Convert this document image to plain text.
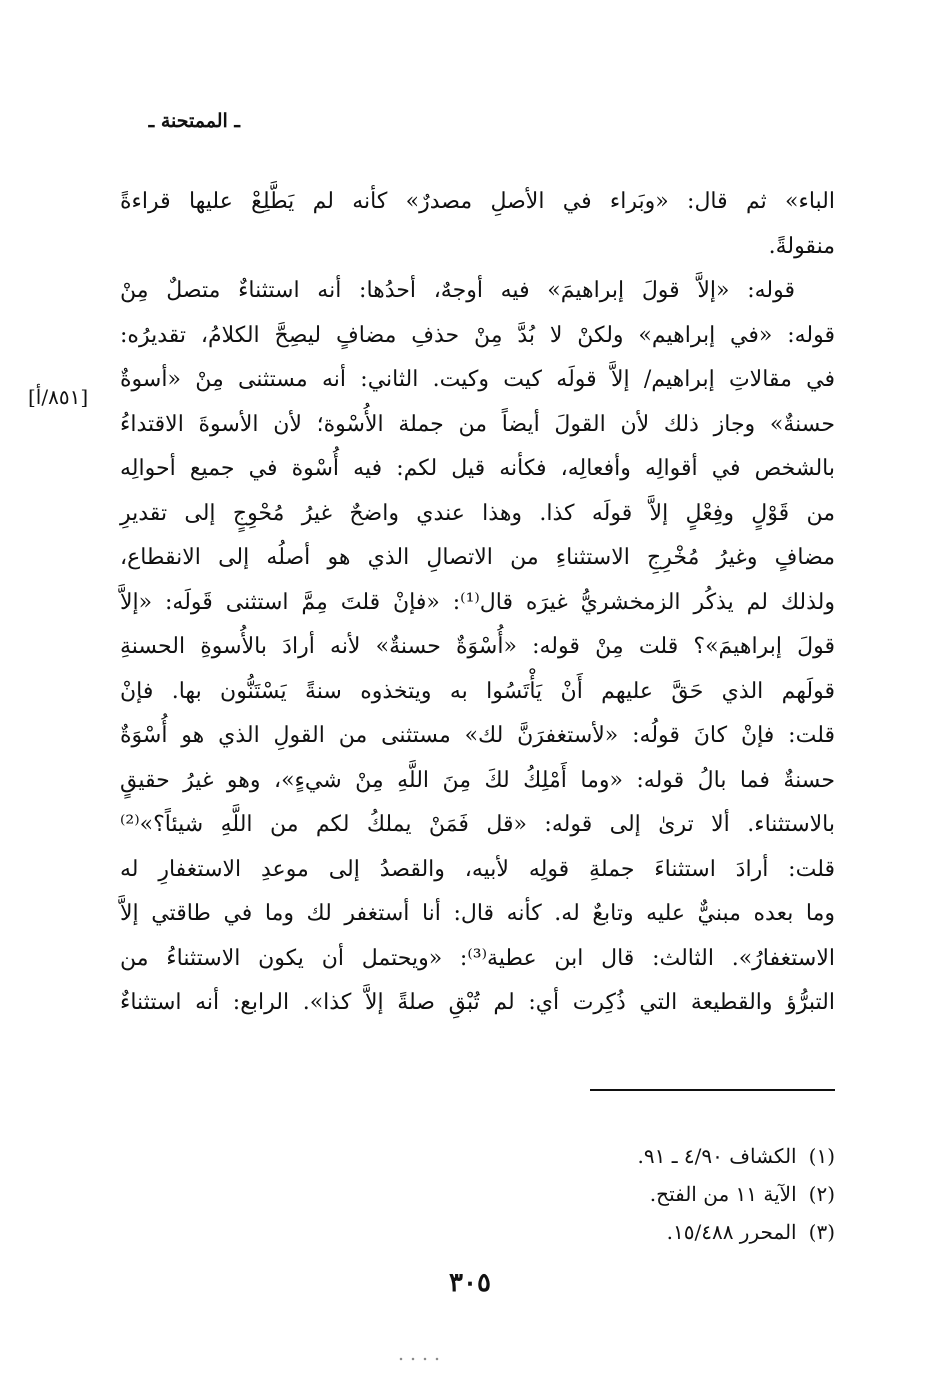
ـ الممتحنة ـ
[٨٥١/أ]
الباء» ثم قال: «وبَراء في الأصلِ مصدرٌ» كأنه لم يَطَّلِعْ عليها قراءةً
منقولةً.
قوله: «إلاَّ قولَ إبراهيمَ» فيه أوجهٌ، أحدُها: أنه استثناءٌ متصلٌ مِنْ
قوله: «في إبراهيم» ولكنْ لا بُدَّ مِنْ حذفِ مضافٍ ليصِحَّ الكلامُ، تقديرُه:
في مقالاتِ إبراهيم/ إلاَّ قولَه كيت وكيت. الثاني: أنه مستثنى مِنْ «أسوةٌ
حسنةٌ» وجاز ذلك لأن القولَ أيضاً من جملة الأُسْوة؛ لأن الأسوةَ الاقتداءُ
بالشخص في أقوالِه وأفعالِه، فكأنه قيل لكم: فيه أُسْوة في جميع أحوالِه
من قَوْلٍ وفِعْلٍ إلاَّ قولَه كذا. وهذا عندي واضحٌ غيرُ مُحْوِجٍ إلى تقديرِ
مضافٍ وغيرُ مُخْرِجِ الاستثناءِ من الاتصالِ الذي هو أصلُه إلى الانقطاع،
ولذلك لم يذكُر الزمخشريُّ غيرَه قال⁽¹⁾: «فإنْ قلتَ مِمَّ استثنى قَولَه: «إلاَّ
قولَ إبراهيمَ»؟ قلت مِنْ قوله: «أُسْوَةٌ حسنةٌ» لأنه أرادَ بالأُسوةِ الحسنةِ
قولَهم الذي حَقَّ عليهم أَنْ يَأْتَسُوا به ويتخذوه سنةً يَسْتَنُّون بها. فإنْ
قلت: فإنْ كانَ قولُه: «لأستغفرَنَّ لك» مستثنى من القولِ الذي هو أُسْوَةٌ
حسنةٌ فما بالُ قوله: «وما أَمْلِكُ لكَ مِنَ اللَّهِ مِنْ شيءٍ»، وهو غيرُ حقيقٍ
بالاستثناء. ألا ترىٰ إلى قوله: «قل فَمَنْ يملكُ لكم من اللَّهِ شيئاً؟»⁽²⁾
قلت: أرادَ استثناءَ جملةِ قولِه لأبيه، والقصدُ إلى موعدِ الاستغفارِ له
وما بعده مبنيٌّ عليه وتابعٌ له. كأنه قال: أنا أستغفر لك وما في طاقتي إلاَّ
الاستغفارُ». الثالث: قال ابن عطية⁽³⁾: «ويحتمل أن يكون الاستثناءُ من
التبرُّؤ والقطيعة التي ذُكِرت أي: لم تُبْقِ صلةً إلاَّ كذا». الرابع: أنه استثناءٌ
(١)الكشاف ٤/٩٠ ـ ٩١.
(٢)الآية ١١ من الفتح.
(٣)المحرر ١٥/٤٨٨.
٣٠٥
